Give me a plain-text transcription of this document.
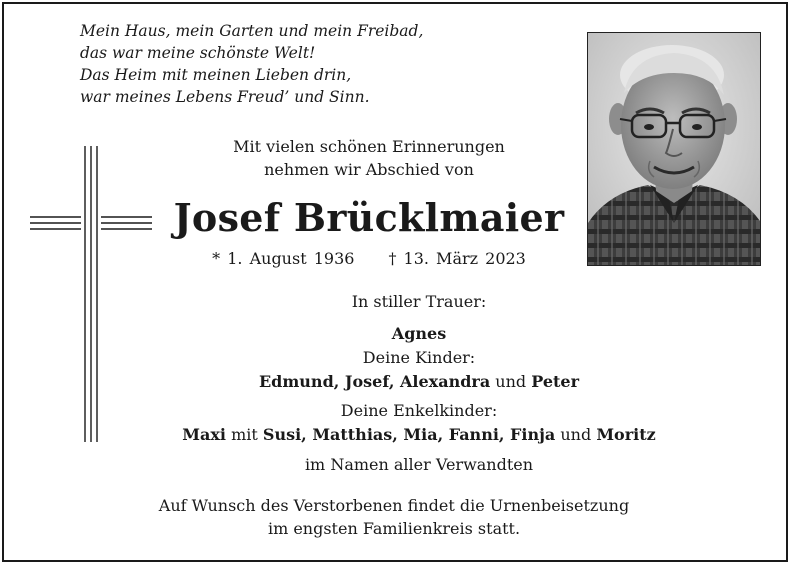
Mein Haus, mein Garten und mein Freibad,
das war meine schönste Welt!
Das Heim mit meinen Lieben drin,
war meines Lebens Freud’ und Sinn.
Mit vielen schönen Erinnerungen
nehmen wir Abschied von
Josef Brücklmaier
* 1. August 1936 † 13. März 2023
In stiller Trauer:
Agnes
Deine Kinder:
Edmund, Josef, Alexandra und Peter
Deine Enkelkinder:
Maxi mit Susi, Matthias, Mia, Fanni, Finja und Moritz
im Namen aller Verwandten
Auf Wunsch des Verstorbenen findet die Urnenbeisetzung
im engsten Familienkreis statt.
